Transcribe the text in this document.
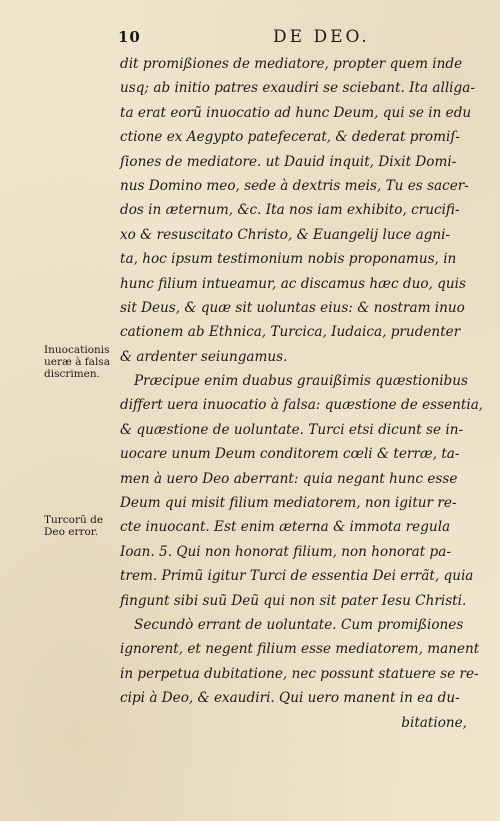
10	DE DEO.
Inuocationis
ueræ à falsa
discrimen.
Turcorũ de
Deo error.
dit promißiones de mediatore, propter quem inde
usq; ab initio patres exaudiri se sciebant. Ita alliga-
ta erat eorũ inuocatio ad hunc Deum, qui se in edu
ctione ex Aegypto patefecerat, & dederat promiſ-
ſiones de mediatore. ut Dauid inquit, Dixit Domi-
nus Domino meo, sede à dextris meis, Tu es sacer-
dos in æternum, &c. Ita nos iam exhibito, crucifi-
xo & resuscitato Christo, & Euangelij luce agni-
ta, hoc ipsum testimonium nobis proponamus, in
hunc filium intueamur, ac discamus hæc duo, quis
sit Deus, & quæ sit uoluntas eius: & nostram inuo
cationem ab Ethnica, Turcica, Iudaica, prudenter
& ardenter seiungamus.
Præcipue enim duabus grauißimis quæstionibus
differt uera inuocatio à falsa: quæstione de essentia,
& quæstione de uoluntate. Turci etsi dicunt se in-
uocare unum Deum conditorem cœli & terræ, ta-
men à uero Deo aberrant: quia negant hunc esse
Deum qui misit filium mediatorem, non igitur re-
cte inuocant. Est enim æterna & immota regula
Ioan. 5. Qui non honorat filium, non honorat pa-
trem. Primũ igitur Turci de essentia Dei errãt, quia
fingunt sibi suũ Deũ qui non sit pater Iesu Christi.
Secundò errant de uoluntate. Cum promißiones
ignorent, et negent filium esse mediatorem, manent
in perpetua dubitatione, nec possunt statuere se re-
cipi à Deo, & exaudiri. Qui uero manent in ea du-
bitatione,
